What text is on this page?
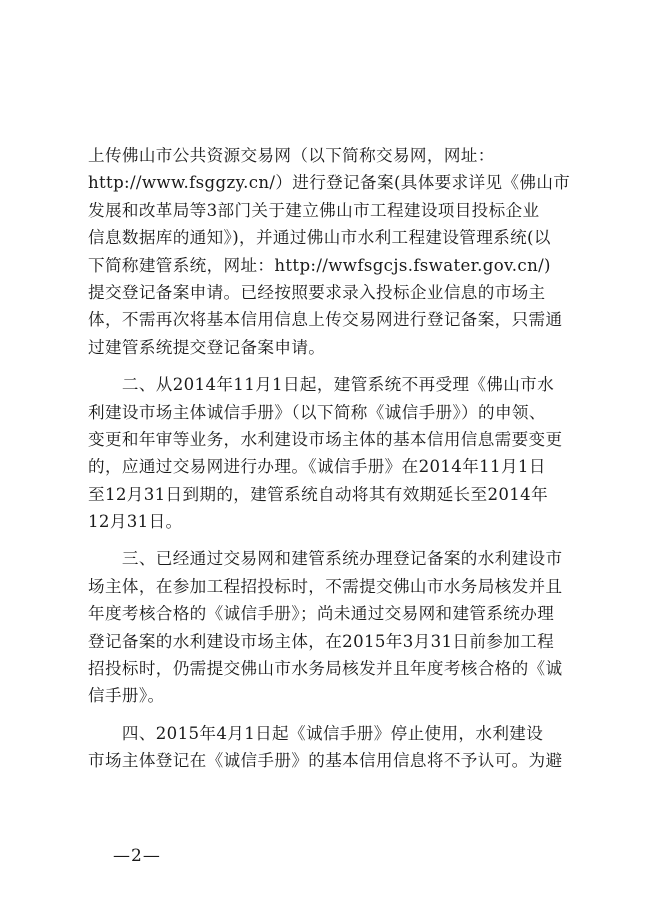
上传佛山市公共资源交易网（以下简称交易网，网址：
http://www.fsggzy.cn/）进行登记备案(具体要求详见《佛山市
发展和改革局等3部门关于建立佛山市工程建设项目投标企业
信息数据库的通知》)，并通过佛山市水利工程建设管理系统(以
下简称建管系统，网址：http://wwfsgcjs.fswater.gov.cn/)
提交登记备案申请。已经按照要求录入投标企业信息的市场主
体，不需再次将基本信用信息上传交易网进行登记备案，只需通
过建管系统提交登记备案申请。
　　二、从2014年11月1日起，建管系统不再受理《佛山市水
利建设市场主体诚信手册》（以下简称《诚信手册》）的申领、
变更和年审等业务，水利建设市场主体的基本信用信息需要变更
的，应通过交易网进行办理。《诚信手册》在2014年11月1日
至12月31日到期的，建管系统自动将其有效期延长至2014年
12月31日。
　　三、已经通过交易网和建管系统办理登记备案的水利建设市
场主体，在参加工程招投标时，不需提交佛山市水务局核发并且
年度考核合格的《诚信手册》；尚未通过交易网和建管系统办理
登记备案的水利建设市场主体，在2015年3月31日前参加工程
招投标时，仍需提交佛山市水务局核发并且年度考核合格的《诚
信手册》。
　　四、2015年4月1日起《诚信手册》停止使用，水利建设
市场主体登记在《诚信手册》的基本信用信息将不予认可。为避
—2—
